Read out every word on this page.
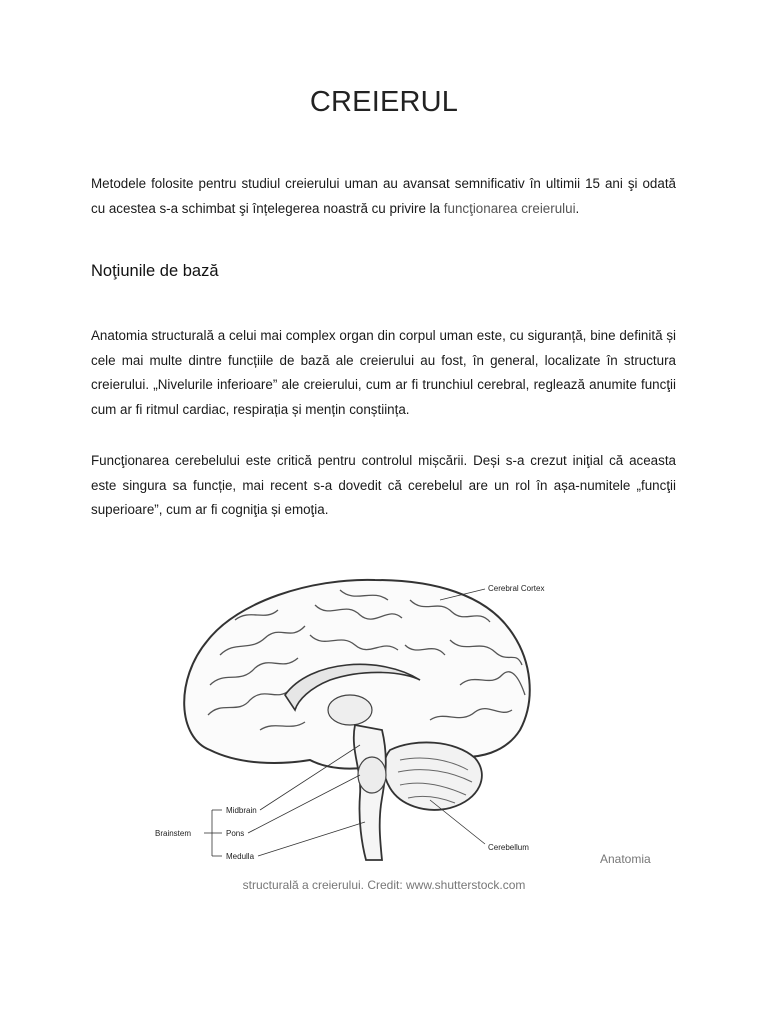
CREIERUL

Metodele folosite pentru studiul creierului uman au avansat semnificativ în ultimii 15 ani şi odată cu acestea s-a schimbat şi înțelegerea noastră cu privire la funcţionarea creierului.

Noţiunile de bază

Anatomia structurală a celui mai complex organ din corpul uman este, cu siguranță, bine definită și cele mai multe dintre funcțiile de bază ale creierului au fost, în general, localizate în structura creierului. „Nivelurile inferioare” ale creierului, cum ar fi trunchiul cerebral, reglează anumite funcţii cum ar fi ritmul cardiac, respirația și mențin conștiința.

Funcţionarea cerebelului este critică pentru controlul mișcării. Deși s-a crezut iniţial că aceasta este singura sa funcție, mai recent s-a dovedit că cerebelul are un rol în așa-numitele „funcţii superioare”, cum ar fi cogniţia și emoţia.

Cerebral Cortex
Brainstem
Midbrain
Pons
Medulla
Cerebellum
Anatomia
structurală a creierului. Credit: www.shutterstock.com
